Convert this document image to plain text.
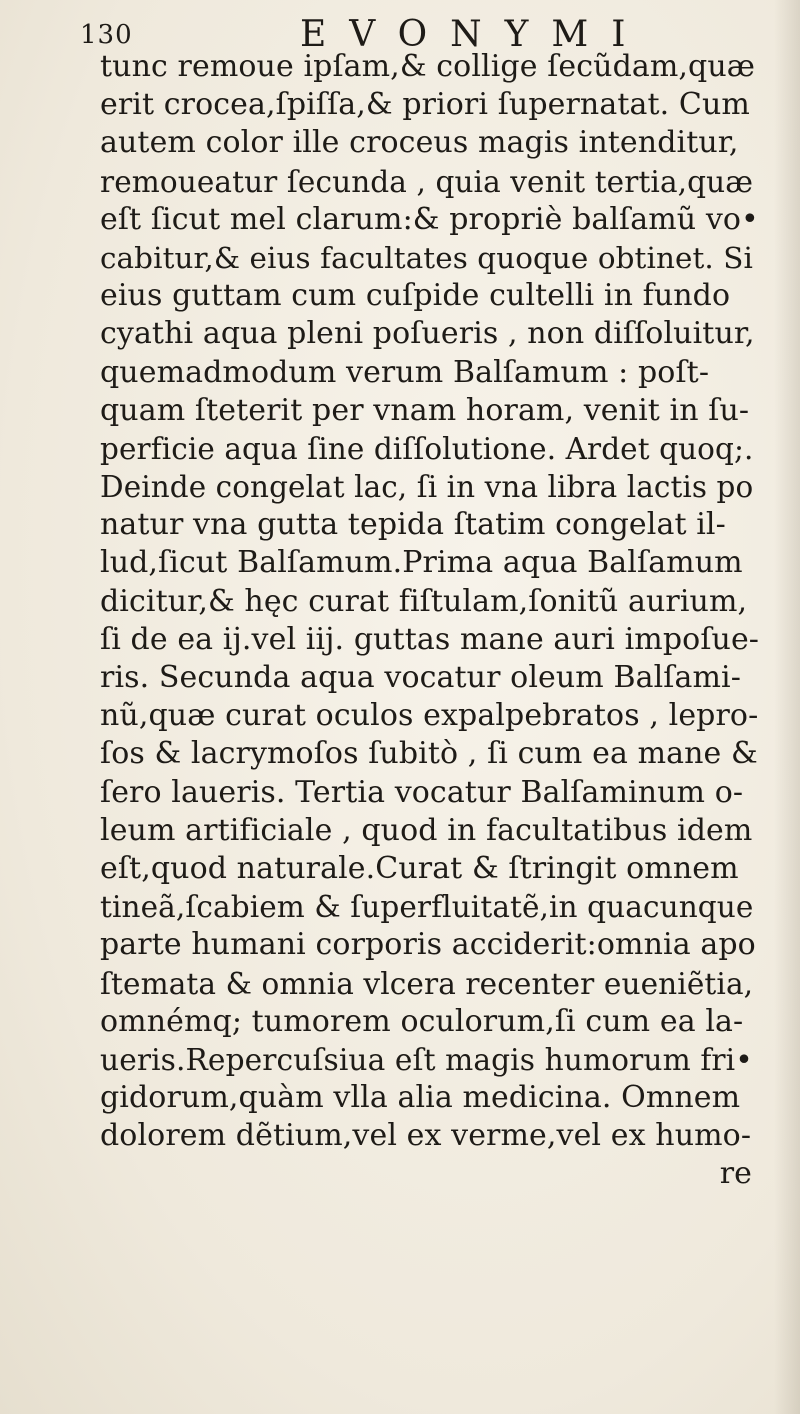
130	EVONYMI
tunc remoue ipſam,& collige ſecũdam,quæ
erit crocea,ſpiſſa,& priori ſupernatat. Cum
autem color ille croceus magis intenditur,
remoueatur ſecunda , quia venit tertia,quæ
eſt ſicut mel clarum:& propriè balſamũ vo•
cabitur,& eius facultates quoque obtinet. Si
eius guttam cum cuſpide cultelli in fundo
cyathi aqua pleni poſueris , non diſſoluitur,
quemadmodum verum Balſamum : poſt-
quam ſteterit per vnam horam, venit in ſu-
perficie aqua ſine diſſolutione. Ardet quoq;.
Deinde congelat lac, ſi in vna libra lactis po
natur vna gutta tepida ſtatim congelat il-
lud,ſicut Balſamum.Prima aqua Balſamum
dicitur,& hęc curat fiſtulam,ſonitũ aurium,
ſi de ea ij.vel iij. guttas mane auri impoſue-
ris. Secunda aqua vocatur oleum Balſami-
nũ,quæ curat oculos expalpebratos , lepro-
ſos & lacrymoſos ſubitò , ſi cum ea mane &
ſero laueris. Tertia vocatur Balſaminum o-
leum artificiale , quod in facultatibus idem
eſt,quod naturale.Curat & ſtringit omnem
tineã,ſcabiem & ſuperfluitatẽ,in quacunque
parte humani corporis acciderit:omnia apo
ſtemata & omnia vlcera recenter eueniẽtia,
omnémq; tumorem oculorum,ſi cum ea la-
ueris.Repercuſsiua eſt magis humorum fri•
gidorum,quàm vlla alia medicina. Omnem
dolorem dẽtium,vel ex verme,vel ex humo-
re
